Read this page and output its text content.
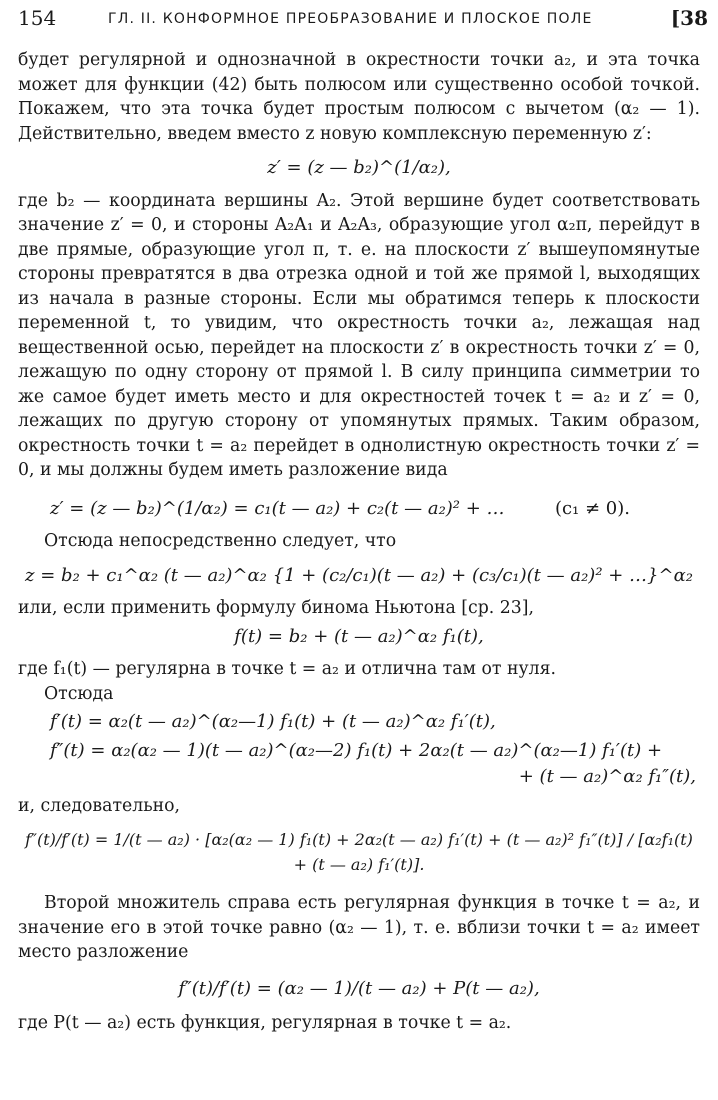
154	ГЛ. II. КОНФОРМНОЕ ПРЕОБРАЗОВАНИЕ И ПЛОСКОЕ ПОЛЕ	[38

будет регулярной и однозначной в окрестности точки a₂, и эта точка может для функции (42) быть полюсом или существенно особой точкой. Покажем, что эта точка будет простым полюсом с вычетом (α₂ — 1). Действительно, введем вместо z новую комплексную переменную z′:

z′ = (z — b₂)^(1/α₂),

где b₂ — координата вершины A₂. Этой вершине будет соответствовать значение z′ = 0, и стороны A₂A₁ и A₂A₃, образующие угол α₂π, перейдут в две прямые, образующие угол π, т. е. на плоскости z′ вышеупомянутые стороны превратятся в два отрезка одной и той же прямой l, выходящих из начала в разные стороны. Если мы обратимся теперь к плоскости переменной t, то увидим, что окрестность точки a₂, лежащая над вещественной осью, перейдет на плоскости z′ в окрестность точки z′ = 0, лежащую по одну сторону от прямой l. В силу принципа симметрии то же самое будет иметь место и для окрестностей точек t = a₂ и z′ = 0, лежащих по другую сторону от упомянутых прямых. Таким образом, окрестность точки t = a₂ перейдет в однолистную окрестность точки z′ = 0, и мы должны будем иметь разложение вида

z′ = (z — b₂)^(1/α₂) = c₁(t — a₂) + c₂(t — a₂)² + …	(c₁ ≠ 0).

Отсюда непосредственно следует, что

z = b₂ + c₁^α₂ (t — a₂)^α₂ {1 + (c₂/c₁)(t — a₂) + (c₃/c₁)(t — a₂)² + …}^α₂

или, если применить формулу бинома Ньютона [ср. 23],

f(t) = b₂ + (t — a₂)^α₂ f₁(t),

где f₁(t) — регулярна в точке t = a₂ и отлична там от нуля.

Отсюда

f′(t) = α₂(t — a₂)^(α₂—1) f₁(t) + (t — a₂)^α₂ f₁′(t),
f″(t) = α₂(α₂ — 1)(t — a₂)^(α₂—2) f₁(t) + 2α₂(t — a₂)^(α₂—1) f₁′(t) +
+ (t — a₂)^α₂ f₁″(t),

и, следовательно,

f″(t)/f′(t) = 1/(t — a₂) · [α₂(α₂ — 1) f₁(t) + 2α₂(t — a₂) f₁′(t) + (t — a₂)² f₁″(t)] / [α₂f₁(t) + (t — a₂) f₁′(t)].

Второй множитель справа есть регулярная функция в точке t = a₂, и значение его в этой точке равно (α₂ — 1), т. е. вблизи точки t = a₂ имеет место разложение

f″(t)/f′(t) = (α₂ — 1)/(t — a₂) + P(t — a₂),

где P(t — a₂) есть функция, регулярная в точке t = a₂.
